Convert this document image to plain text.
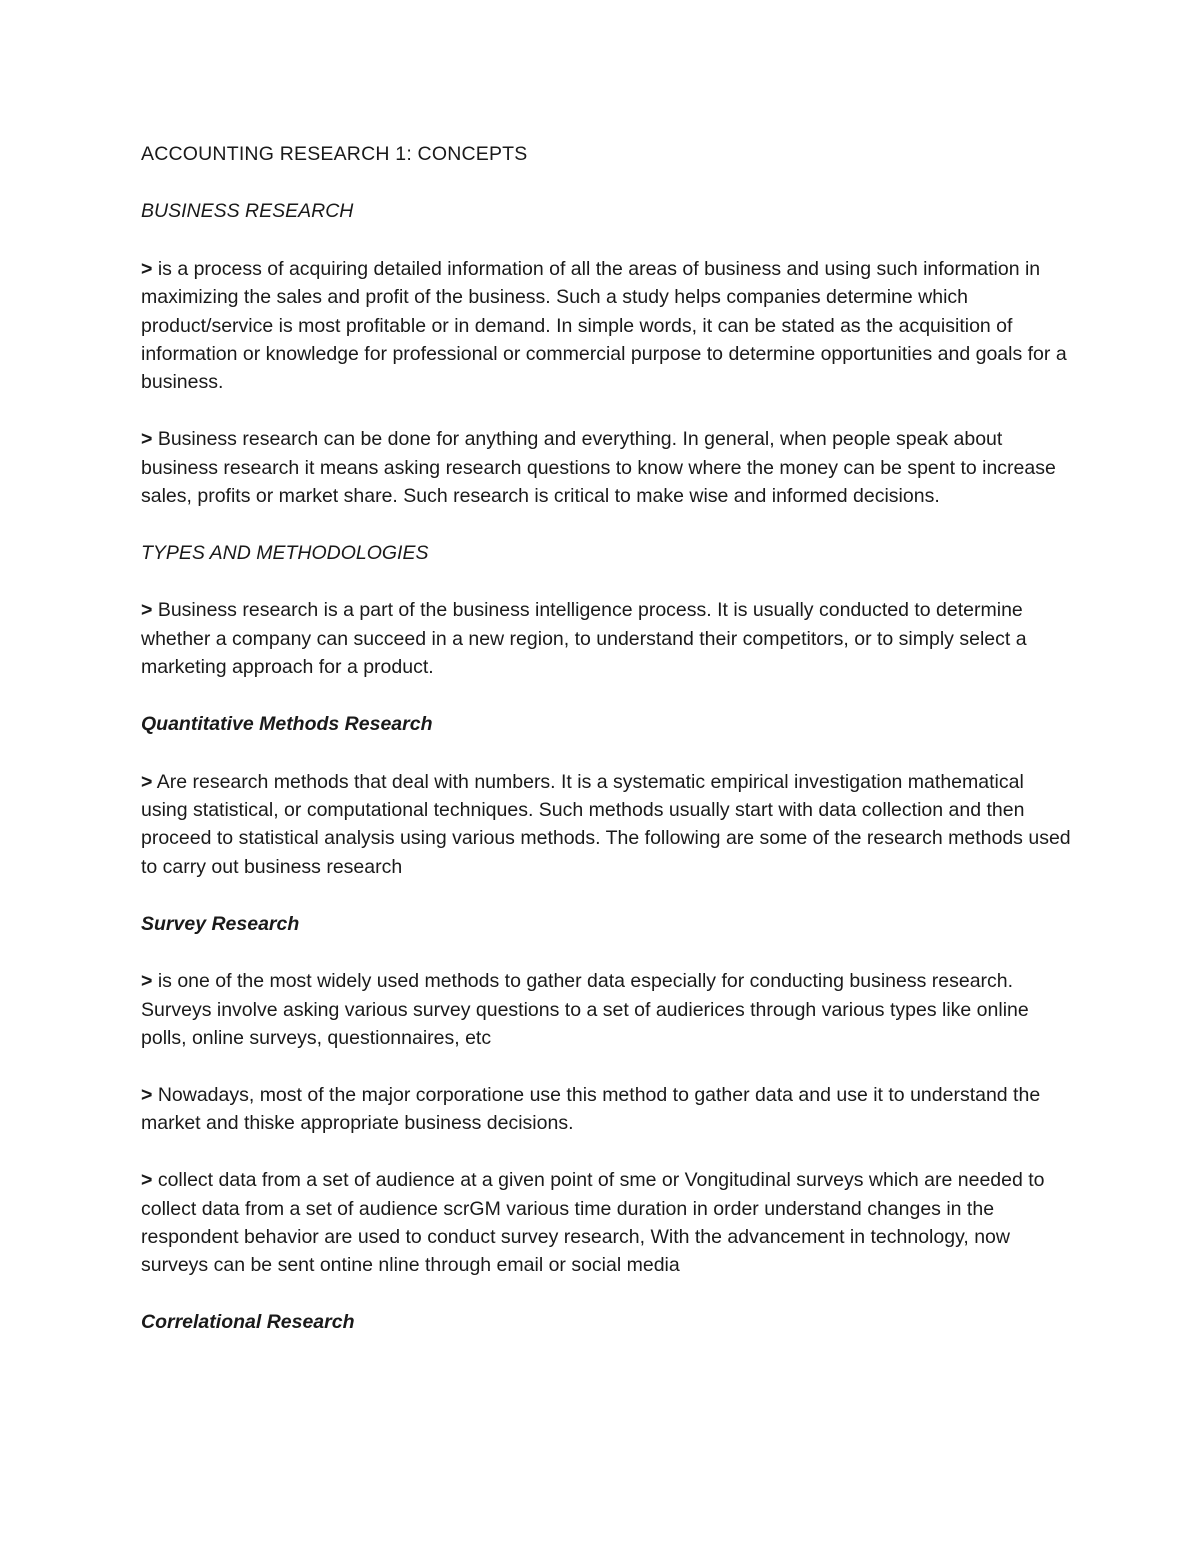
ACCOUNTING RESEARCH 1: CONCEPTS
BUSINESS RESEARCH

> is a process of acquiring detailed information of all the areas of business and using such information in maximizing the sales and profit of the business. Such a study helps companies determine which product/service is most profitable or in demand. In simple words, it can be stated as the acquisition of information or knowledge for professional or commercial purpose to determine opportunities and goals for a business.

> Business research can be done for anything and everything. In general, when people speak about business research it means asking research questions to know where the money can be spent to increase sales, profits or market share. Such research is critical to make wise and informed decisions.

TYPES AND METHODOLOGIES

> Business research is a part of the business intelligence process. It is usually conducted to determine whether a company can succeed in a new region, to understand their competitors, or to simply select a marketing approach for a product.

Quantitative Methods Research

> Are research methods that deal with numbers. It is a systematic empirical investigation mathematical using statistical, or computational techniques. Such methods usually start with data collection and then proceed to statistical analysis using various methods. The following are some of the research methods used to carry out business research

Survey Research

> is one of the most widely used methods to gather data especially for conducting business research. Surveys involve asking various survey questions to a set of audierices through various types like online polls, online surveys, questionnaires, etc

> Nowadays, most of the major corporatione use this method to gather data and use it to understand the market and thiske appropriate business decisions.

> collect data from a set of audience at a given point of sme or Vongitudinal surveys which are needed to collect data from a set of audience scrGM various time duration in order understand changes in the respondent behavior are used to conduct survey research, With the advancement in technology, now surveys can be sent ontine nline through email or social media

Correlational Research
